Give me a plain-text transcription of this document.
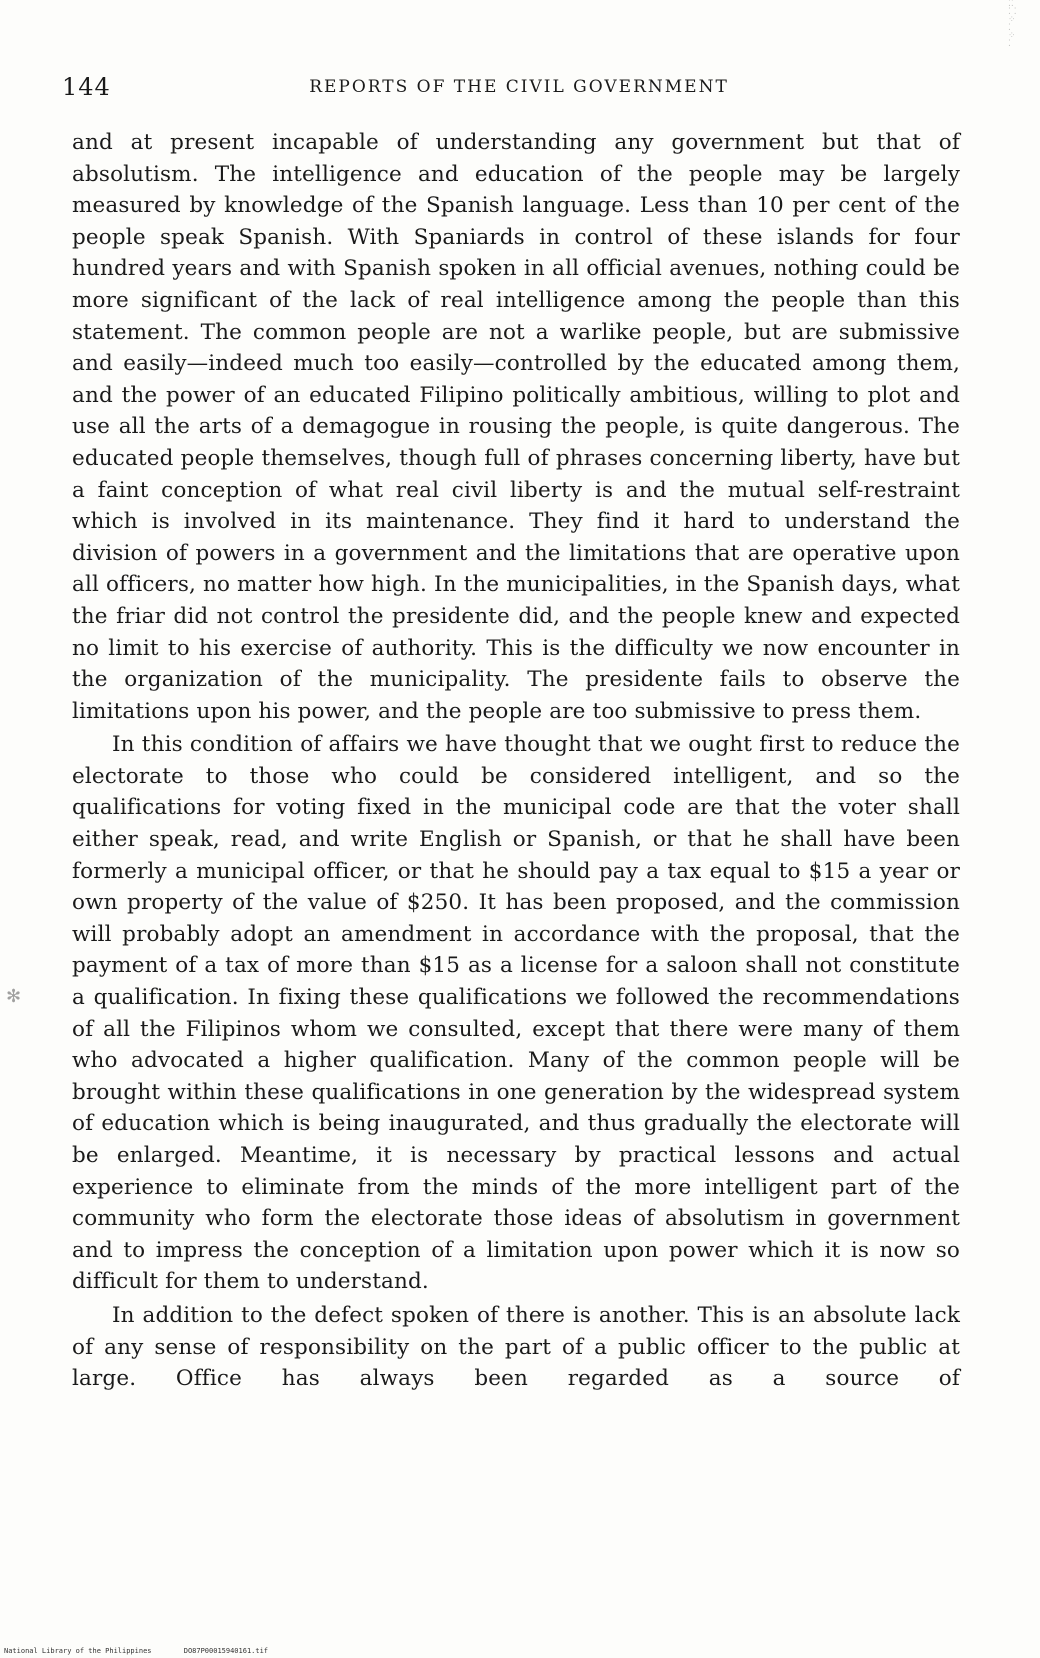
⁚⁚
⁚ ⁚
⁘
⁚
⁘
⁚
144	REPORTS OF THE CIVIL GOVERNMENT

and at present incapable of understanding any government but that of absolutism. The intelligence and education of the people may be largely measured by knowledge of the Spanish language. Less than 10 per cent of the people speak Spanish. With Spaniards in control of these islands for four hundred years and with Spanish spoken in all official avenues, nothing could be more significant of the lack of real intelligence among the people than this statement. The common people are not a warlike people, but are submissive and easily—indeed much too easily—controlled by the educated among them, and the power of an educated Filipino politically ambitious, willing to plot and use all the arts of a demagogue in rousing the people, is quite dangerous. The educated people themselves, though full of phrases concerning liberty, have but a faint conception of what real civil liberty is and the mutual self-restraint which is involved in its maintenance. They find it hard to understand the division of powers in a government and the limitations that are operative upon all officers, no matter how high. In the municipalities, in the Spanish days, what the friar did not control the presidente did, and the people knew and expected no limit to his exercise of authority. This is the difficulty we now encounter in the organization of the municipality. The presidente fails to observe the limitations upon his power, and the people are too submissive to press them.

In this condition of affairs we have thought that we ought first to reduce the electorate to those who could be considered intelligent, and so the qualifications for voting fixed in the municipal code are that the voter shall either speak, read, and write English or Spanish, or that he shall have been formerly a municipal officer, or that he should pay a tax equal to $15 a year or own property of the value of $250. It has been proposed, and the commission will probably adopt an amendment in accordance with the proposal, that the payment of a tax of more than $15 as a license for a saloon shall not constitute a qualification. In fixing these qualifications we followed the recommendations of all the Filipinos whom we consulted, except that there were many of them who advocated a higher qualification. Many of the common people will be brought within these qualifications in one generation by the widespread system of education which is being inaugurated, and thus gradually the electorate will be enlarged. Meantime, it is necessary by practical lessons and actual experience to eliminate from the minds of the more intelligent part of the community who form the electorate those ideas of absolutism in government and to impress the conception of a limitation upon power which it is now so difficult for them to understand.

In addition to the defect spoken of there is another. This is an absolute lack of any sense of responsibility on the part of a public officer to the public at large. Office has always been regarded as a source of

✻
National Library of the Philippines	DO87P00015940161.tif
